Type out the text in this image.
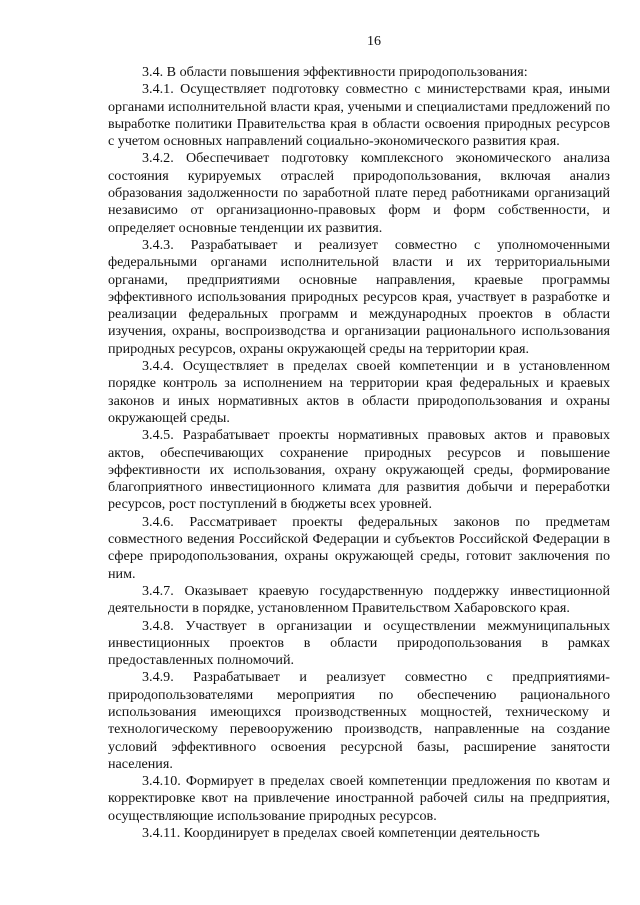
16

3.4. В области повышения эффективности природопользования:

3.4.1. Осуществляет подготовку совместно с министерствами края, иными органами исполнительной власти края, учеными и специалистами предложений по выработке политики Правительства края в области освоения природных ресурсов с учетом основных направлений социально-экономического развития края.

3.4.2. Обеспечивает подготовку комплексного экономического анализа состояния курируемых отраслей природопользования, включая анализ образования задолженности по заработной плате перед работниками организаций независимо от организационно-правовых форм и форм собственности, и определяет основные тенденции их развития.

3.4.3. Разрабатывает и реализует совместно с уполномоченными федеральными органами исполнительной власти и их территориальными органами, предприятиями основные направления, краевые программы эффективного использования природных ресурсов края, участвует в разработке и реализации федеральных программ и международных проектов в области изучения, охраны, воспроизводства и организации рационального использования природных ресурсов, охраны окружающей среды на территории края.

3.4.4. Осуществляет в пределах своей компетенции и в установленном порядке контроль за исполнением на территории края федеральных и краевых законов и иных нормативных актов в области природопользования и охраны окружающей среды.

3.4.5. Разрабатывает проекты нормативных правовых актов и правовых актов, обеспечивающих сохранение природных ресурсов и повышение эффективности их использования, охрану окружающей среды, формирование благоприятного инвестиционного климата для развития добычи и переработки ресурсов, рост поступлений в бюджеты всех уровней.

3.4.6. Рассматривает проекты федеральных законов по предметам совместного ведения Российской Федерации и субъектов Российской Федерации в сфере природопользования, охраны окружающей среды, готовит заключения по ним.

3.4.7. Оказывает краевую государственную поддержку инвестиционной деятельности в порядке, установленном Правительством Хабаровского края.

3.4.8. Участвует в организации и осуществлении межмуниципальных инвестиционных проектов в области природопользования в рамках предоставленных полномочий.

3.4.9. Разрабатывает и реализует совместно с предприятиями-природопользователями мероприятия по обеспечению рационального использования имеющихся производственных мощностей, техническому и технологическому перевооружению производств, направленные на создание условий эффективного освоения ресурсной базы, расширение занятости населения.

3.4.10. Формирует в пределах своей компетенции предложения по квотам и корректировке квот на привлечение иностранной рабочей силы на предприятия, осуществляющие использование природных ресурсов.

3.4.11. Координирует в пределах своей компетенции деятельность
